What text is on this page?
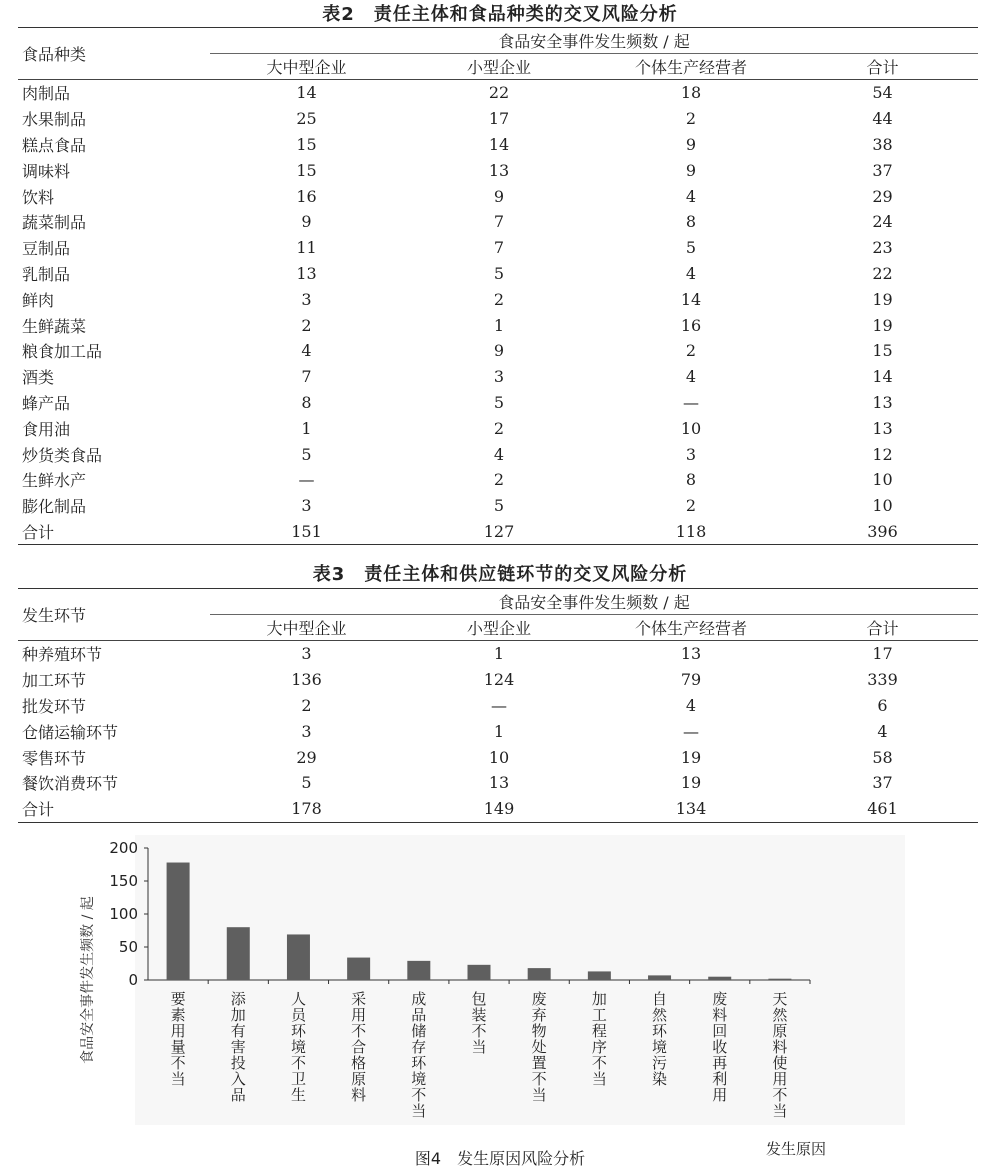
表2　责任主体和食品种类的交叉风险分析
食品种类	食品安全事件发生频数 / 起			
	大中型企业	小型企业	个体生产经营者	合计
肉制品	14	22	18	54
水果制品	25	17	2	44
糕点食品	15	14	9	38
调味料	15	13	9	37
饮料	16	9	4	29
蔬菜制品	9	7	8	24
豆制品	11	7	5	23
乳制品	13	5	4	22
鲜肉	3	2	14	19
生鲜蔬菜	2	1	16	19
粮食加工品	4	9	2	15
酒类	7	3	4	14
蜂产品	8	5	—	13
食用油	1	2	10	13
炒货类食品	5	4	3	12
生鲜水产	—	2	8	10
膨化制品	3	5	2	10
合计	151	127	118	396
表3　责任主体和供应链环节的交叉风险分析
发生环节	食品安全事件发生频数 / 起			
	大中型企业	小型企业	个体生产经营者	合计
种养殖环节	3	1	13	17
加工环节	136	124	79	339
批发环节	2	—	4	6
仓储运输环节	3	1	—	4
零售环节	29	10	19	58
餐饮消费环节	5	13	19	37
合计	178	149	134	461
0
50
100
150
200
要素用量不当
添加有害投入品
人员环境不卫生
采用不合格原料
成品储存环境不当
包装不当
废弃物处置不当
加工程序不当
自然环境污染
废料回收再利用
天然原料使用不当
食品安全事件发生频数 / 起
发生原因
图4　发生原因风险分析
